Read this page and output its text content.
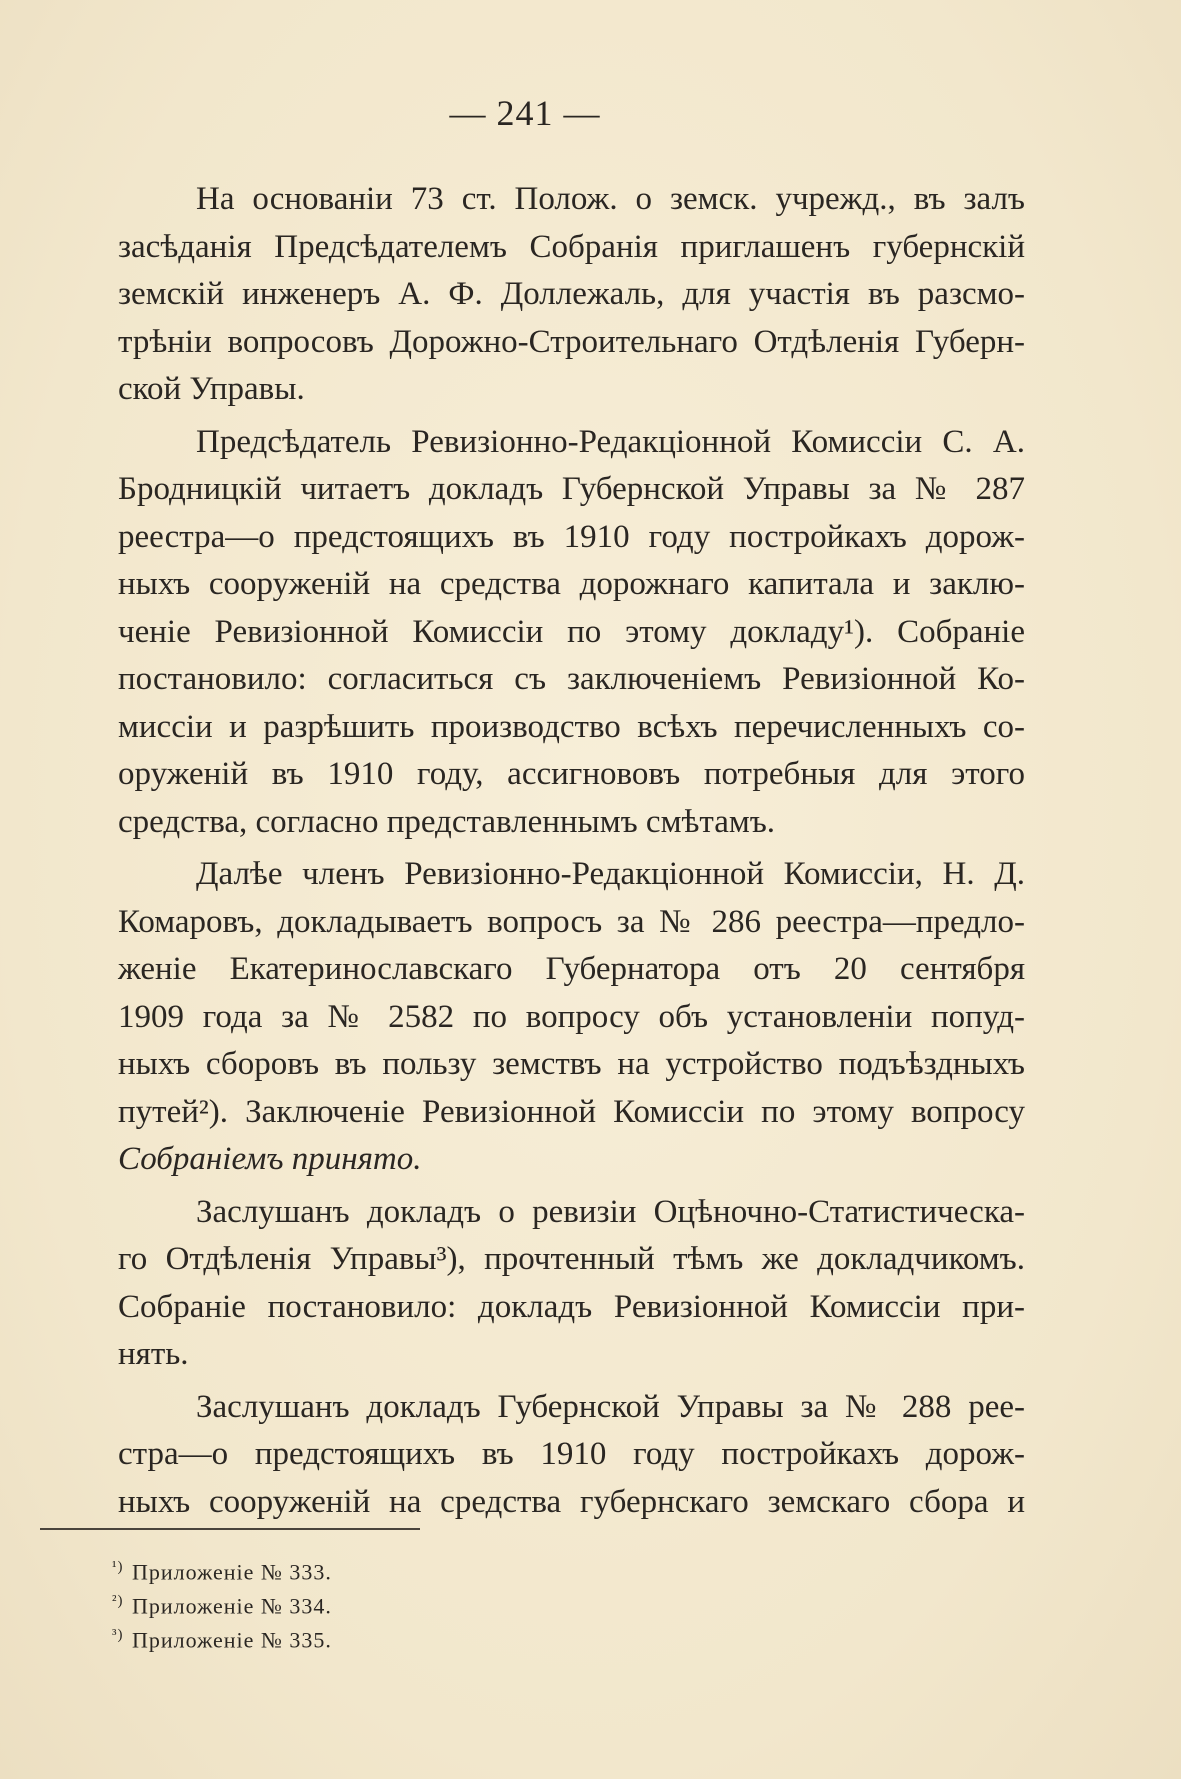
— 241 —
На основаніи 73 ст. Полож. о земск. учрежд., въ залъ
засѣданія Предсѣдателемъ Собранія приглашенъ губернскій
земскій инженеръ А. Ф. Доллежаль, для участія въ разсмо-
трѣніи вопросовъ Дорожно-Строительнаго Отдѣленія Губерн-
ской Управы.
Предсѣдатель Ревизіонно-Редакціонной Комиссіи С. А.
Бродницкій читаетъ докладъ Губернской Управы за № 287
реестра—о предстоящихъ въ 1910 году постройкахъ дорож-
ныхъ сооруженій на средства дорожнаго капитала и заклю-
ченіе Ревизіонной Комиссіи по этому докладу¹). Собраніе
постановило: согласиться съ заключеніемъ Ревизіонной Ко-
миссіи и разрѣшить производство всѣхъ перечисленныхъ со-
оруженій въ 1910 году, ассигнововъ потребныя для этого
средства, согласно представленнымъ смѣтамъ.
Далѣе членъ Ревизіонно-Редакціонной Комиссіи, Н. Д.
Комаровъ, докладываетъ вопросъ за № 286 реестра—предло-
женіе Екатеринославскаго Губернатора отъ 20 сентября
1909 года за № 2582 по вопросу объ установленіи попуд-
ныхъ сборовъ въ пользу земствъ на устройство подъѣздныхъ
путей²). Заключеніе Ревизіонной Комиссіи по этому вопросу
Собраніемъ принято.
Заслушанъ докладъ о ревизіи Оцѣночно-Статистическа-
го Отдѣленія Управы³), прочтенный тѣмъ же докладчикомъ.
Собраніе постановило: докладъ Ревизіонной Комиссіи при-
нять.
Заслушанъ докладъ Губернской Управы за № 288 реe-
стра—о предстоящихъ въ 1910 году постройкахъ дорож-
ныхъ сооруженій на средства губернскаго земскаго сбора и
$^{^1)}$ Приложеніе № 333.
$^{^2)}$ Приложеніе № 334.
$^{^3)}$ Приложеніе № 335.
